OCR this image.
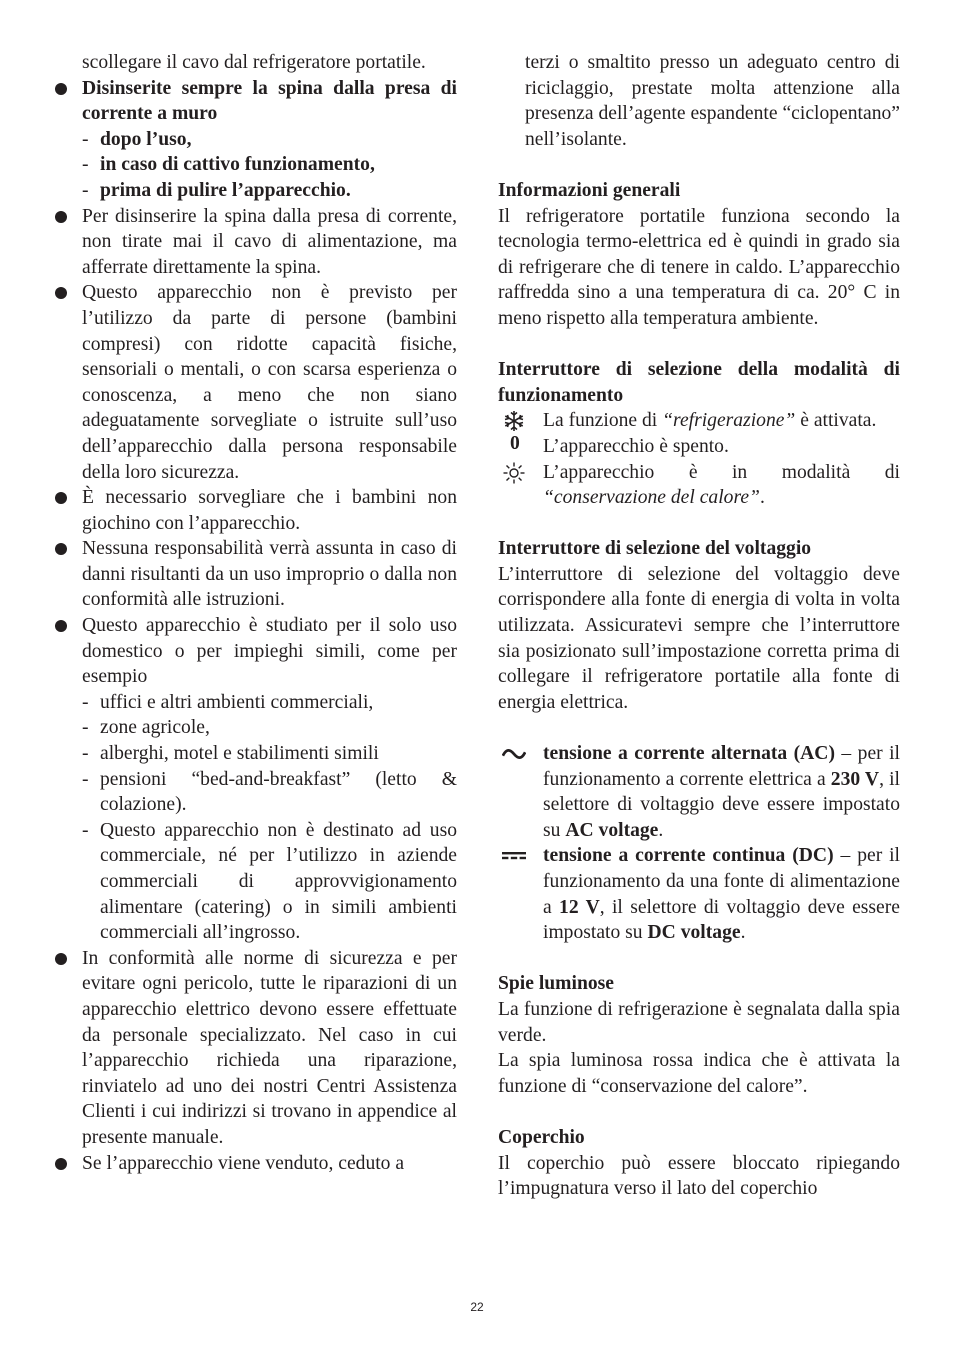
scollegare il cavo dal refrigeratore portatile.

Disinserite sempre la spina dalla presa di corrente a muro
- dopo l’uso,
- in caso di cattivo funzionamento,
- prima di pulire l’apparecchio.
Per disinserire la spina dalla presa di corrente, non tirate mai il cavo di alimentazione, ma afferrate direttamente la spina.
Questo apparecchio non è previsto per l’utilizzo da parte di persone (bambini compresi) con ridotte capacità fisiche, sensoriali o mentali, o con scarsa esperienza o conoscenza, a meno che non siano adeguatamente sorvegliate o istruite sull’uso dell’apparecchio dalla persona responsabile della loro sicurezza.
È necessario sorvegliare che i bambini non giochino con l’apparecchio.
Nessuna responsabilità verrà assunta in caso di danni risultanti da un uso improprio o dalla non conformità alle istruzioni.
Questo apparecchio è studiato per il solo uso domestico o per impieghi simili, come per esempio
- uffici e altri ambienti commerciali,
- zone agricole,
- alberghi, motel e stabilimenti simili
- pensioni “bed-and-breakfast” (letto & colazione).
- Questo apparecchio non è destinato ad uso commerciale, né per l’utilizzo in aziende commerciali di approvvigionamento alimentare (catering) o in simili ambienti commerciali all’ingrosso.
In conformità alle norme di sicurezza e per evitare ogni pericolo, tutte le riparazioni di un apparecchio elettrico devono essere effettuate da personale specializzato. Nel caso in cui l’apparecchio richieda una riparazione, rinviatelo ad uno dei nostri Centri Assistenza Clienti i cui indirizzi si trovano in appendice al presente manuale.
Se l’apparecchio viene venduto, ceduto a

terzi o smaltito presso un adeguato centro di riciclaggio, prestate molta attenzione alla presenza dell’agente espandente “ciclopentano” nell’isolante.

Informazioni generali

Il refrigeratore portatile funziona secondo la tecnologia termo-elettrica ed è quindi in grado sia di refrigerare che di tenere in caldo. L’apparecchio raffredda sino a una temperatura di ca. 20° C in meno rispetto alla temperatura ambiente.

Interruttore di selezione della modalità di funzionamento

La funzione di “refrigerazione” è attivata.
0 L’apparecchio è spento.
L’apparecchio è in modalità di “conservazione del calore”.

Interruttore di selezione del voltaggio

L’interruttore di selezione del voltaggio deve corrispondere alla fonte di energia di volta in volta utilizzata. Assicuratevi sempre che l’interruttore sia posizionato sull’impostazione corretta prima di collegare il refrigeratore portatile alla fonte di energia elettrica.

tensione a corrente alternata (AC) – per il funzionamento a corrente elettrica a 230 V, il selettore di voltaggio deve essere impostato su AC voltage.
tensione a corrente continua (DC) – per il funzionamento da una fonte di alimentazione a 12 V, il selettore di voltaggio deve essere impostato su DC voltage.

Spie luminose

La funzione di refrigerazione è segnalata dalla spia verde.

La spia luminosa rossa indica che è attivata la funzione di “conservazione del calore”.

Coperchio

Il coperchio può essere bloccato ripiegando l’impugnatura verso il lato del coperchio

22
